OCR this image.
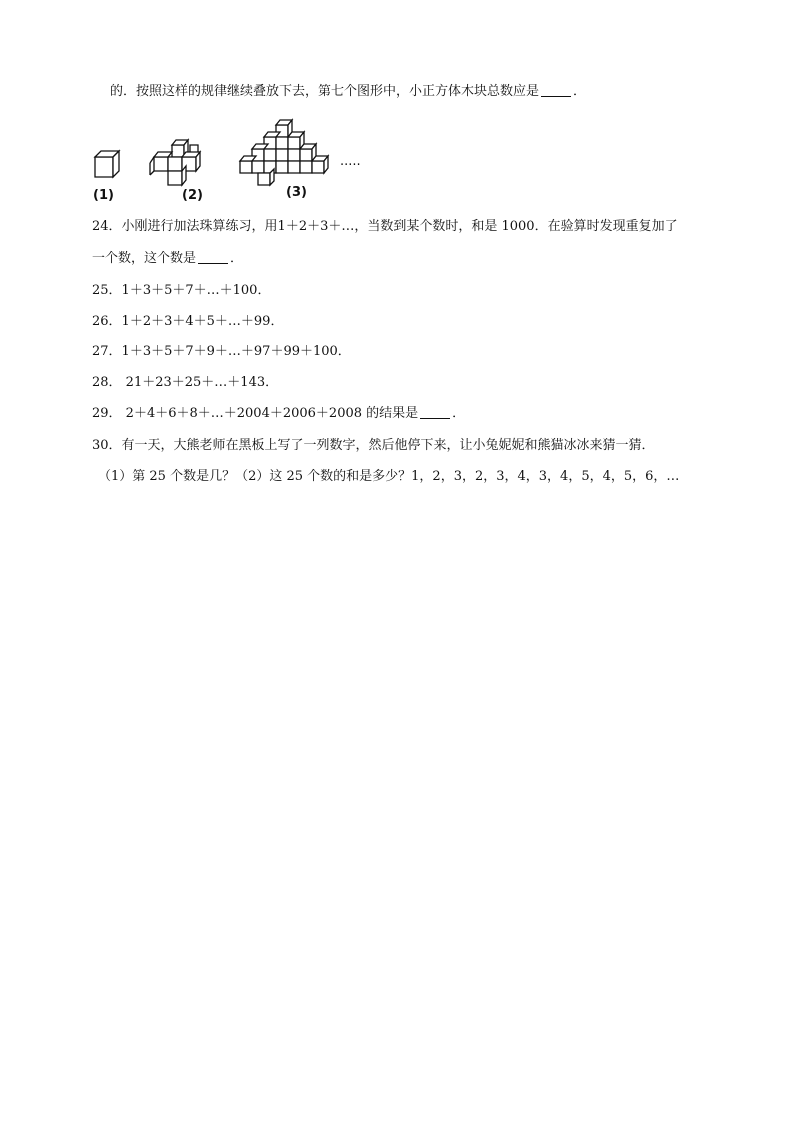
的．按照这样的规律继续叠放下去，第七个图形中，小正方体木块总数应是	．
(1)	(2)	(3)
.....
24．小刚进行加法珠算练习，用1＋2＋3＋…，当数到某个数时，和是 1000．在验算时发现重复加了
一个数，这个数是	．
25．1＋3＋5＋7＋…＋100．
26．1＋2＋3＋4＋5＋…＋99．
27．1＋3＋5＋7＋9＋…＋97＋99＋100．
28． 21＋23＋25＋…＋143．
29． 2＋4＋6＋8＋…＋2004＋2006＋2008 的结果是	．
30．有一天，大熊老师在黑板上写了一列数字，然后他停下来，让小兔妮妮和熊猫冰冰来猜一猜．
（1）第 25 个数是几？（2）这 25 个数的和是多少？1，2，3，2，3，4，3，4，5，4，5，6，…
